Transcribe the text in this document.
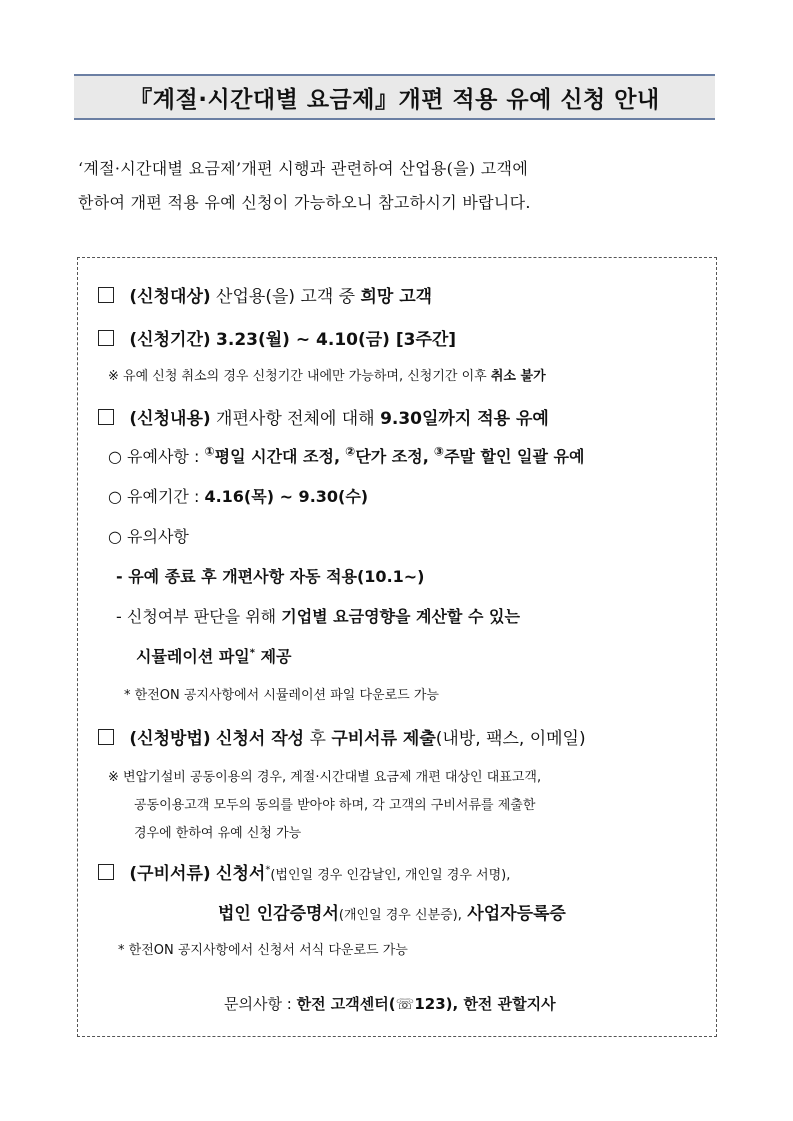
『계절·시간대별 요금제』개편 적용 유예 신청 안내

‘계절·시간대별 요금제’개편 시행과 관련하여 산업용(을) 고객에

한하여 개편 적용 유예 신청이 가능하오니 참고하시기 바랍니다.

(신청대상) 산업용(을) 고객 중 희망 고객
(신청기간) 3.23(월) ~ 4.10(금) [3주간]
※ 유예 신청 취소의 경우 신청기간 내에만 가능하며, 신청기간 이후 취소 불가
(신청내용) 개편사항 전체에 대해 9.30일까지 적용 유예
○ 유예사항 : ①평일 시간대 조정, ②단가 조정, ③주말 할인 일괄 유예
○ 유예기간 : 4.16(목) ~ 9.30(수)
○ 유의사항
- 유예 종료 후 개편사항 자동 적용(10.1~)
- 신청여부 판단을 위해 기업별 요금영향을 계산할 수 있는
시뮬레이션 파일* 제공
* 한전ON 공지사항에서 시뮬레이션 파일 다운로드 가능
(신청방법) 신청서 작성 후 구비서류 제출(내방, 팩스, 이메일)
※ 변압기설비 공동이용의 경우, 계절·시간대별 요금제 개편 대상인 대표고객,
공동이용고객 모두의 동의를 받아야 하며, 각 고객의 구비서류를 제출한
경우에 한하여 유예 신청 가능
(구비서류) 신청서*(법인일 경우 인감날인, 개인일 경우 서명),
법인 인감증명서(개인일 경우 신분증), 사업자등록증
* 한전ON 공지사항에서 신청서 서식 다운로드 가능
문의사항 : 한전 고객센터(☏123), 한전 관할지사
